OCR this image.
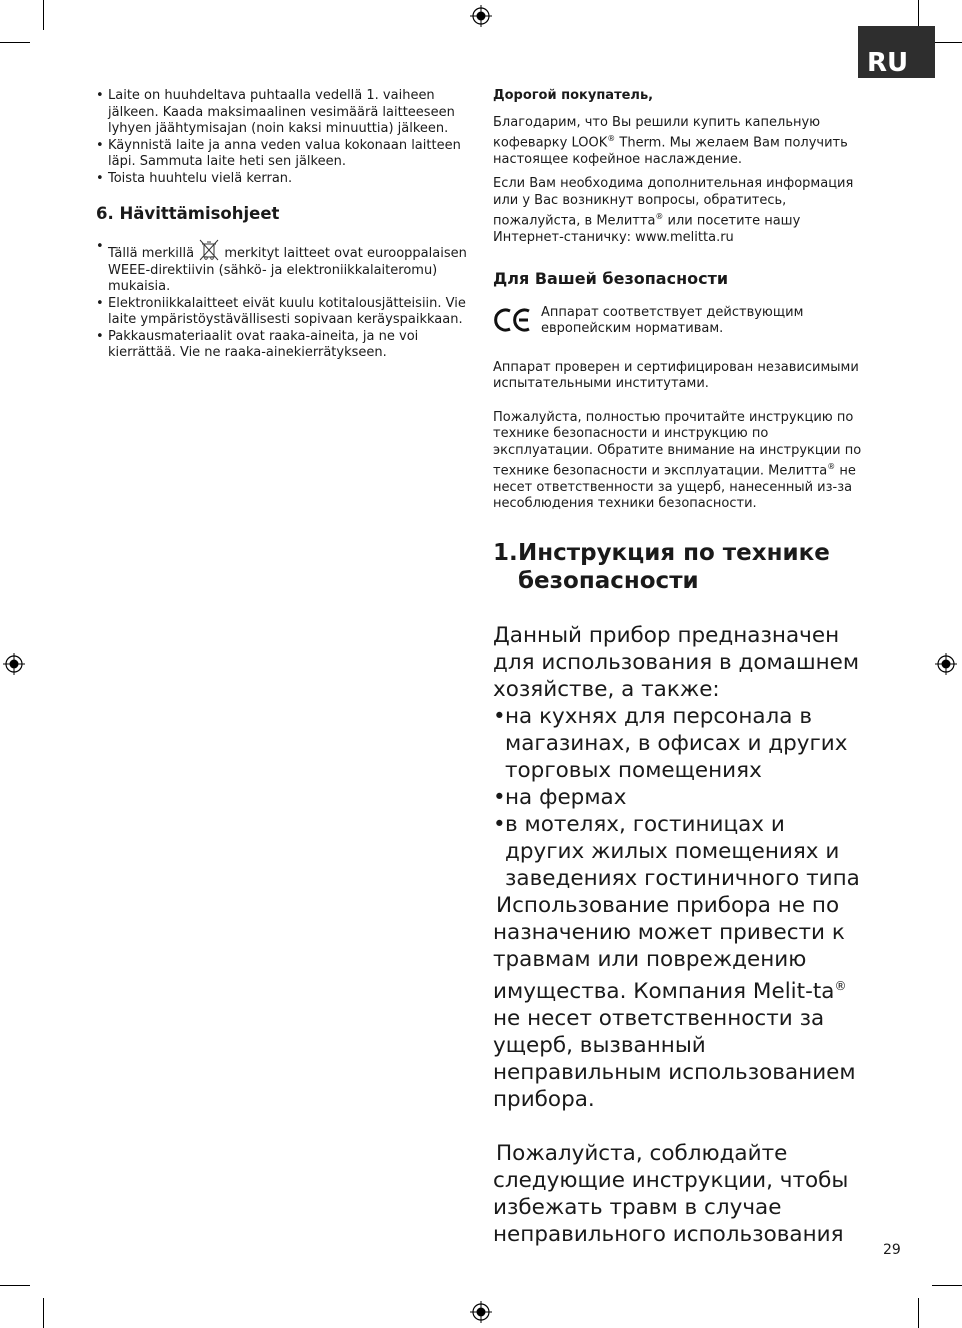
RU
• Laite on huuhdeltava puhtaalla vedellä 1. vaiheen jälkeen. Kaada maksimaalinen vesimäärä laitteeseen lyhyen jäähtymisajan (noin kaksi minuuttia) jälkeen.
• Käynnistä laite ja anna veden valua kokonaan laitteen läpi. Sammuta laite heti sen jälkeen.
• Toista huuhtelu vielä kerran.
6. Hävittämisohjeet
• Tällä merkillä merkityt laitteet ovat eurooppalaisen WEEE-direktiivin (sähkö- ja elektroniikkalaiteromu) mukaisia.
• Elektroniikkalaitteet eivät kuulu kotitalousjätteisiin. Vie laite ympäristöystävällisesti sopivaan keräyspaikkaan.
• Pakkausmateriaalit ovat raaka-aineita, ja ne voi kierrättää. Vie ne raaka-ainekierrätykseen.

Дорогой покупатель,

Благодарим, что Вы решили купить капельную кофеварку LOOK® Therm. Мы желаем Вам получить настоящее кофейное наслаждение.

Если Вам необходима дополнительная информация или у Вас возникнут вопросы, обратитесь, пожалуйста, в Мелитта® или посетите нашу Интернет-станичку: www.melitta.ru

Для Вашей безопасности
Аппарат соответствует действующим европейским нормативам.

Аппарат проверен и сертифицирован независимыми испытательными институтами.

Пожалуйста, полностью прочитайте инструкцию по технике безопасности и инструкцию по эксплуатации. Обратите внимание на инструкции по технике безопасности и эксплуатации. Мелитта® не несет ответственности за ущерб, нанесенный из-за несоблюдения техники безопасности.

1. Инструкция по технике безопасности

Данный прибор предназначен для использования в домашнем хозяйстве, а также:

• на кухнях для персонала в магазинах, в офисах и других торговых помещениях
• на фермах
• в мотелях, гостиницах и других жилых помещениях и заведениях гостиничного типа

Использование прибора не по назначению может привести к травмам или повреждению имущества. Компания Melit-ta® не несет ответственности за ущерб, вызванный неправильным использованием прибора.

Пожалуйста, соблюдайте следующие инструкции, чтобы избежать травм в случае неправильного использования

29
